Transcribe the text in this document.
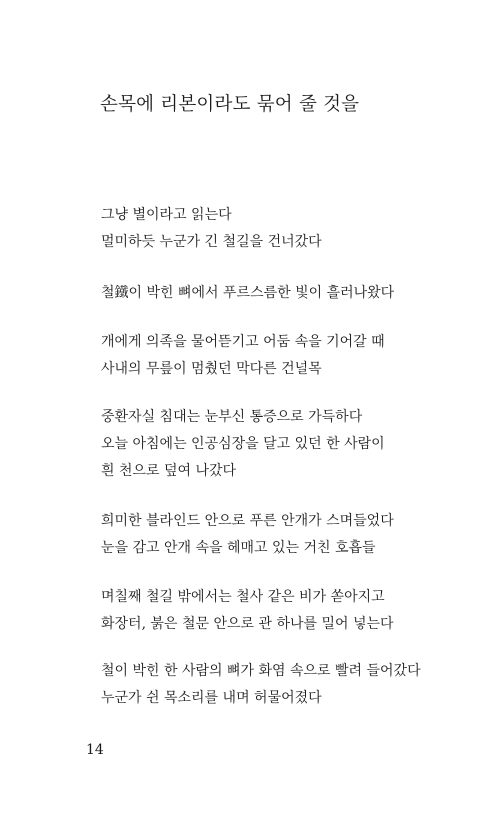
손목에 리본이라도 묶어 줄 것을
그냥 별이라고 읽는다
멀미하듯 누군가 긴 철길을 건너갔다
철鐵이 박힌 뼈에서 푸르스름한 빛이 흘러나왔다
개에게 의족을 물어뜯기고 어둠 속을 기어갈 때
사내의 무릎이 멈췄던 막다른 건널목
중환자실 침대는 눈부신 통증으로 가득하다
오늘 아침에는 인공심장을 달고 있던 한 사람이
흰 천으로 덮여 나갔다
희미한 블라인드 안으로 푸른 안개가 스며들었다
눈을 감고 안개 속을 헤매고 있는 거친 호흡들
며칠째 철길 밖에서는 철사 같은 비가 쏟아지고
화장터, 붉은 철문 안으로 관 하나를 밀어 넣는다
철이 박힌 한 사람의 뼈가 화염 속으로 빨려 들어갔다
누군가 쉰 목소리를 내며 허물어졌다
14
